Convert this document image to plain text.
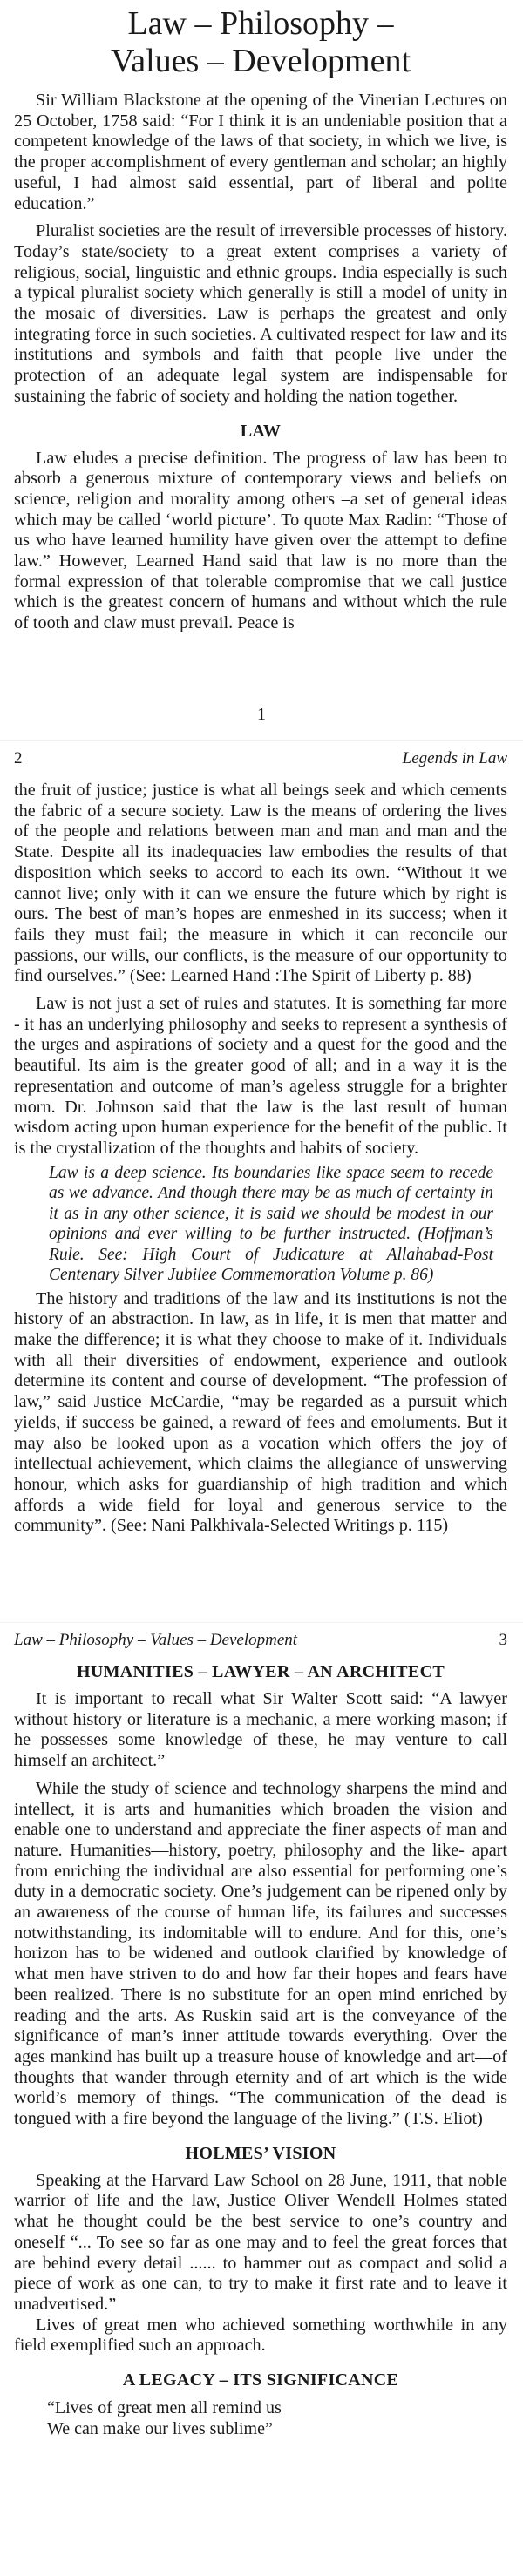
Law – Philosophy –
Values – Development

Sir William Blackstone at the opening of the Vinerian Lectures on 25 October, 1758 said: “For I think it is an undeniable position that a competent knowledge of the laws of that society, in which we live, is the proper accomplishment of every gentleman and scholar; an highly useful, I had almost said essential, part of liberal and polite education.”

Pluralist societies are the result of irreversible processes of history. Today’s state/society to a great extent comprises a variety of religious, social, linguistic and ethnic groups. India especially is such a typical pluralist society which generally is still a model of unity in the mosaic of diversities. Law is perhaps the greatest and only integrating force in such societies. A cultivated respect for law and its institutions and symbols and faith that people live under the protection of an adequate legal system are indispensable for sustaining the fabric of society and holding the nation together.

LAW

Law eludes a precise definition. The progress of law has been to absorb a generous mixture of contemporary views and beliefs on science, religion and morality among others –a set of general ideas which may be called ‘world picture’. To quote Max Radin: “Those of us who have learned humility have given over the attempt to define law.” However, Learned Hand said that law is no more than the formal expression of that tolerable compromise that we call justice which is the greatest concern of humans and without which the rule of tooth and claw must prevail. Peace is

1
2	Legends in Law

the fruit of justice; justice is what all beings seek and which cements the fabric of a secure society. Law is the means of ordering the lives of the people and relations between man and man and man and the State. Despite all its inadequacies law embodies the results of that disposition which seeks to accord to each its own. “Without it we cannot live; only with it can we ensure the future which by right is ours. The best of man’s hopes are enmeshed in its success; when it fails they must fail; the measure in which it can reconcile our passions, our wills, our conflicts, is the measure of our opportunity to find ourselves.” (See: Learned Hand :The Spirit of Liberty p. 88)

Law is not just a set of rules and statutes. It is something far more - it has an underlying philosophy and seeks to represent a synthesis of the urges and aspirations of society and a quest for the good and the beautiful. Its aim is the greater good of all; and in a way it is the representation and outcome of man’s ageless struggle for a brighter morn. Dr. Johnson said that the law is the last result of human wisdom acting upon human experience for the benefit of the public. It is the crystallization of the thoughts and habits of society.

Law is a deep science. Its boundaries like space seem to recede as we advance. And though there may be as much of certainty in it as in any other science, it is said we should be modest in our opinions and ever willing to be further instructed. (Hoffman’s Rule. See: High Court of Judicature at Allahabad-Post Centenary Silver Jubilee Commemoration Volume p. 86)

The history and traditions of the law and its institutions is not the history of an abstraction. In law, as in life, it is men that matter and make the difference; it is what they choose to make of it. Individuals with all their diversities of endowment, experience and outlook determine its content and course of development. “The profession of law,” said Justice McCardie, “may be regarded as a pursuit which yields, if success be gained, a reward of fees and emoluments. But it may also be looked upon as a vocation which offers the joy of intellectual achievement, which claims the allegiance of unswerving honour, which asks for guardianship of high tradition and which affords a wide field for loyal and generous service to the community”. (See: Nani Palkhivala-Selected Writings p. 115)

Law – Philosophy – Values – Development	3
HUMANITIES – LAWYER – AN ARCHITECT

It is important to recall what Sir Walter Scott said: “A lawyer without history or literature is a mechanic, a mere working mason; if he possesses some knowledge of these, he may venture to call himself an architect.”

While the study of science and technology sharpens the mind and intellect, it is arts and humanities which broaden the vision and enable one to understand and appreciate the finer aspects of man and nature. Humanities—history, poetry, philosophy and the like- apart from enriching the individual are also essential for performing one’s duty in a democratic society. One’s judgement can be ripened only by an awareness of the course of human life, its failures and successes notwithstanding, its indomitable will to endure. And for this, one’s horizon has to be widened and outlook clarified by knowledge of what men have striven to do and how far their hopes and fears have been realized. There is no substitute for an open mind enriched by reading and the arts. As Ruskin said art is the conveyance of the significance of man’s inner attitude towards everything. Over the ages mankind has built up a treasure house of knowledge and art—of thoughts that wander through eternity and of art which is the wide world’s memory of things. “The communication of the dead is tongued with a fire beyond the language of the living.” (T.S. Eliot)

HOLMES’ VISION

Speaking at the Harvard Law School on 28 June, 1911, that noble warrior of life and the law, Justice Oliver Wendell Holmes stated what he thought could be the best service to one’s country and oneself “... To see so far as one may and to feel the great forces that are behind every detail ...... to hammer out as compact and solid a piece of work as one can, to try to make it first rate and to leave it unadvertised.”

Lives of great men who achieved something worthwhile in any field exemplified such an approach.

A LEGACY – ITS SIGNIFICANCE
“Lives of great men all remind us
We can make our lives sublime”
